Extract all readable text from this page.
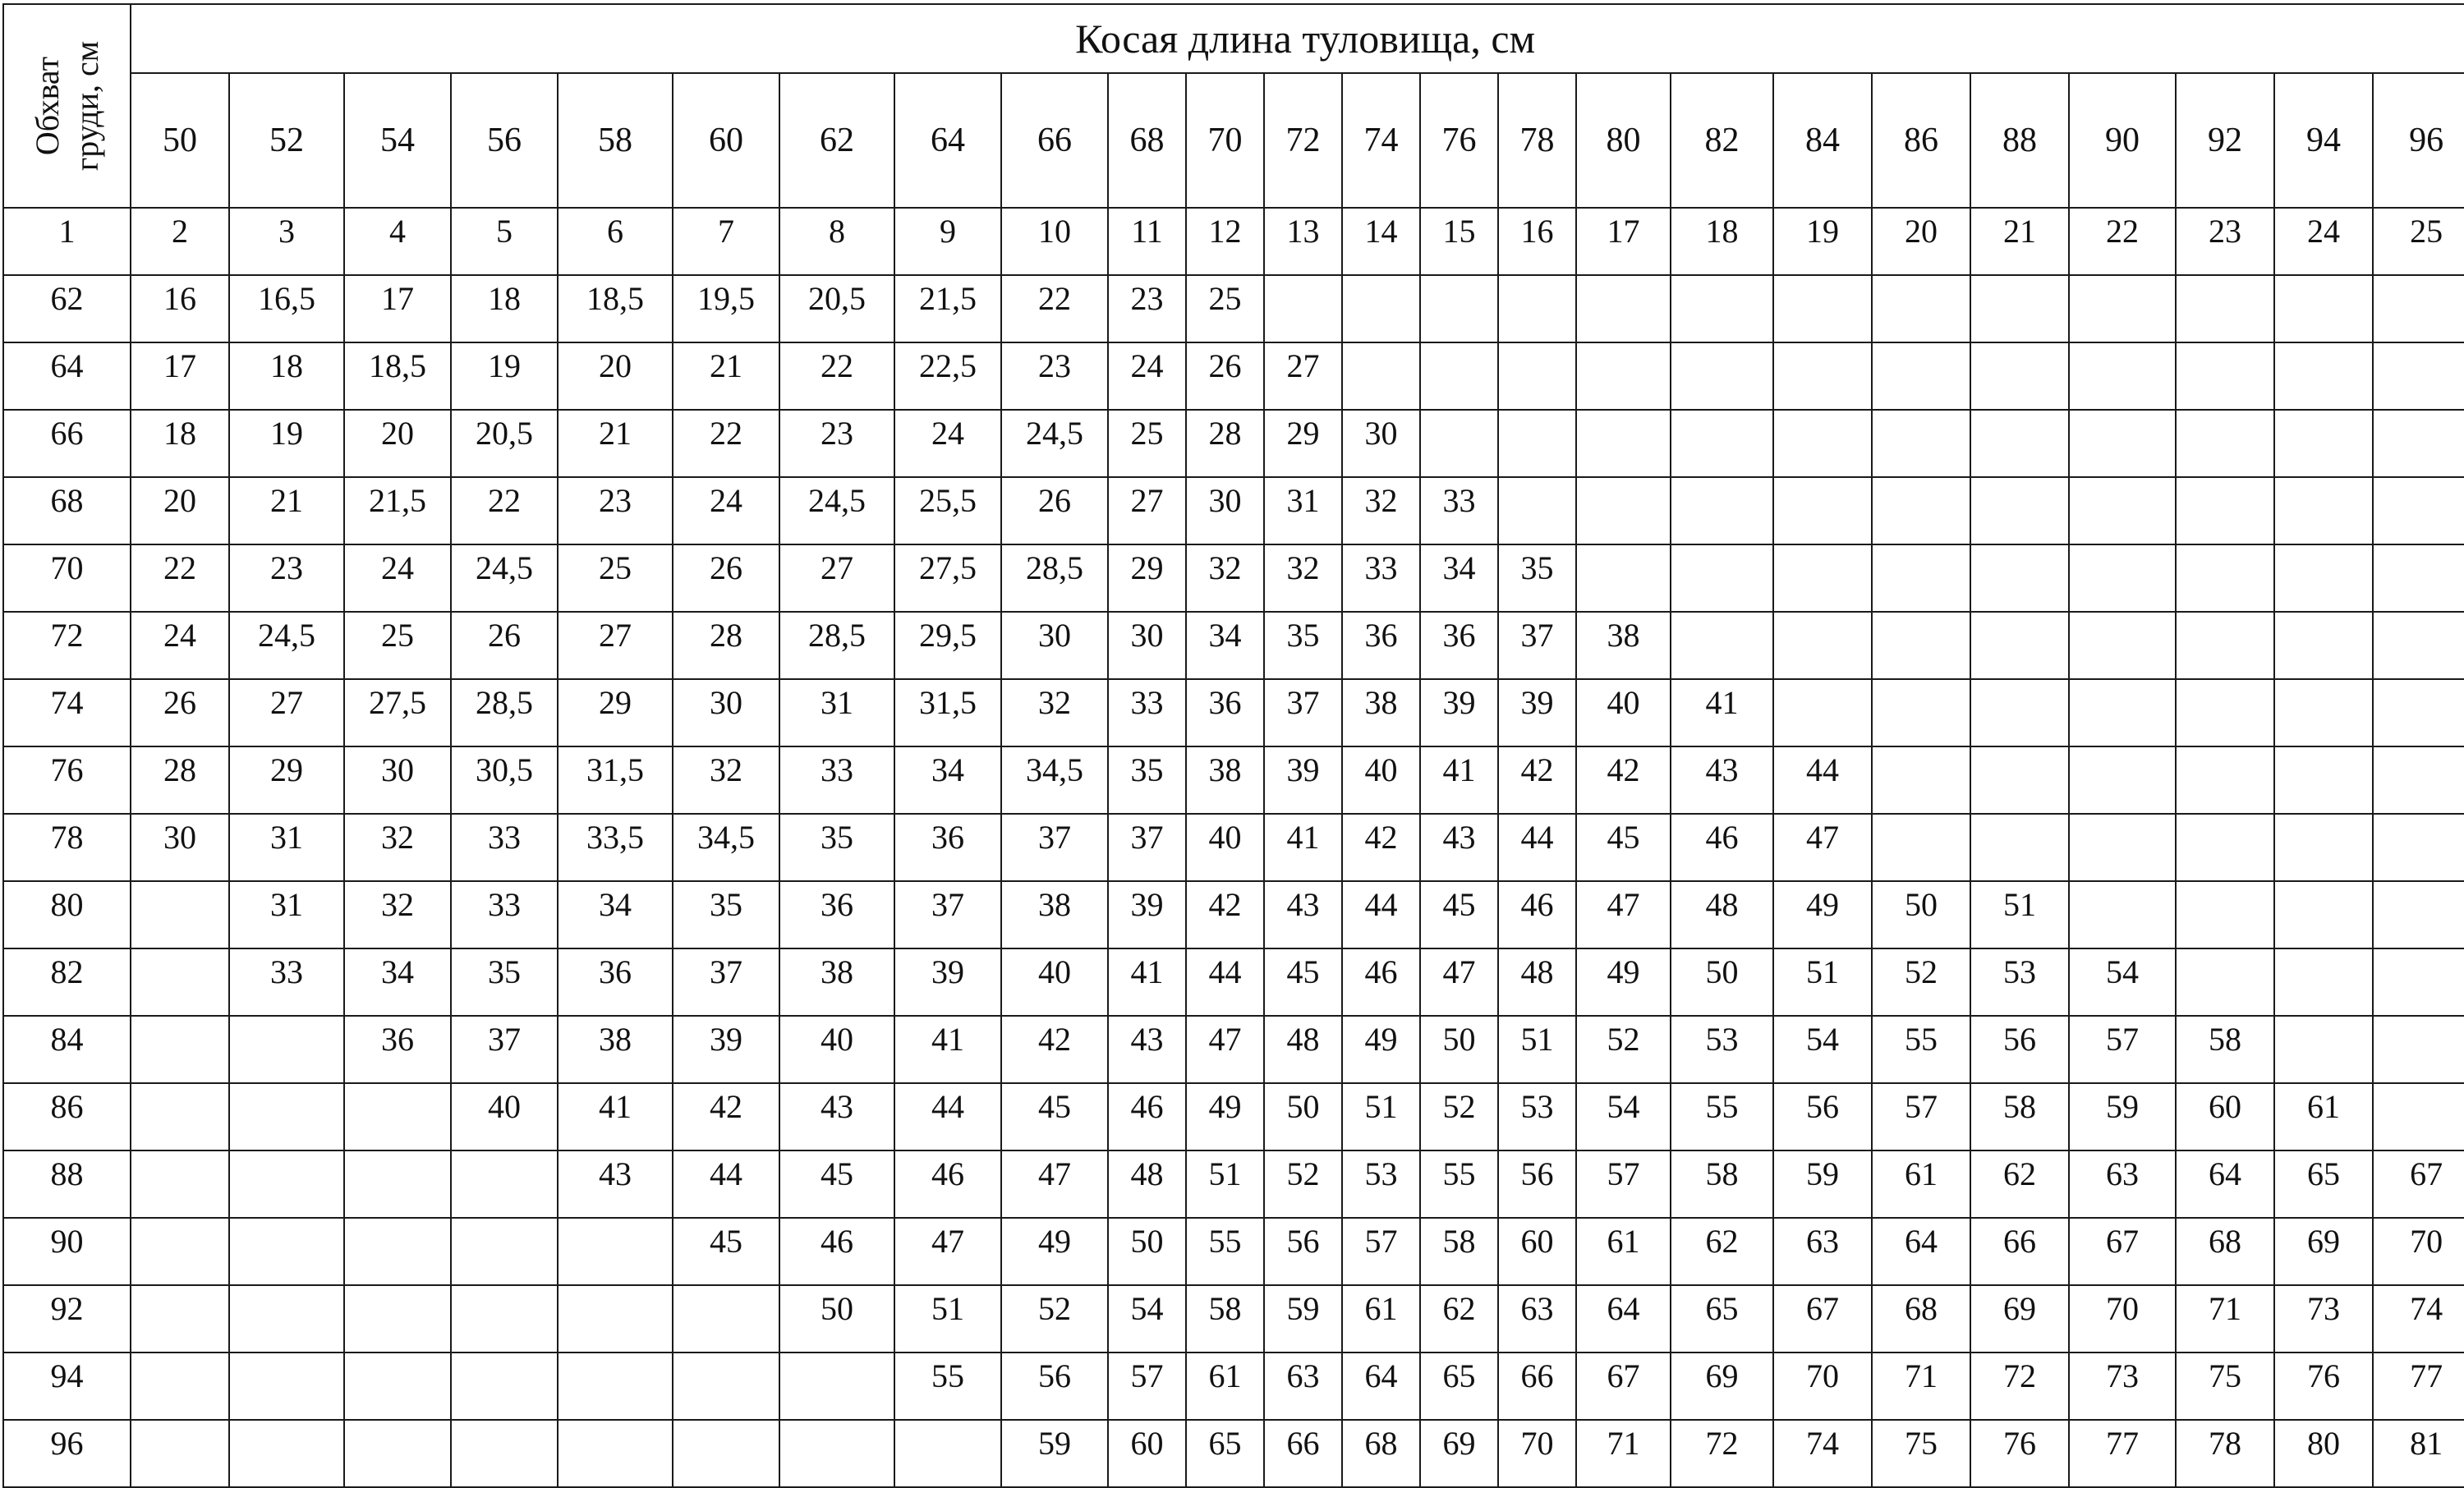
Обхват
груди, см	Косая длина туловища, см																							
	50	52	54	56	58	60	62	64	66	68	70	72	74	76	78	80	82	84	86	88	90	92	94	96
1	2	3	4	5	6	7	8	9	10	11	12	13	14	15	16	17	18	19	20	21	22	23	24	25
62	16	16,5	17	18	18,5	19,5	20,5	21,5	22	23	25													
64	17	18	18,5	19	20	21	22	22,5	23	24	26	27												
66	18	19	20	20,5	21	22	23	24	24,5	25	28	29	30											
68	20	21	21,5	22	23	24	24,5	25,5	26	27	30	31	32	33										
70	22	23	24	24,5	25	26	27	27,5	28,5	29	32	32	33	34	35									
72	24	24,5	25	26	27	28	28,5	29,5	30	30	34	35	36	36	37	38								
74	26	27	27,5	28,5	29	30	31	31,5	32	33	36	37	38	39	39	40	41							
76	28	29	30	30,5	31,5	32	33	34	34,5	35	38	39	40	41	42	42	43	44						
78	30	31	32	33	33,5	34,5	35	36	37	37	40	41	42	43	44	45	46	47						
80		31	32	33	34	35	36	37	38	39	42	43	44	45	46	47	48	49	50	51				
82		33	34	35	36	37	38	39	40	41	44	45	46	47	48	49	50	51	52	53	54			
84			36	37	38	39	40	41	42	43	47	48	49	50	51	52	53	54	55	56	57	58		
86				40	41	42	43	44	45	46	49	50	51	52	53	54	55	56	57	58	59	60	61	
88					43	44	45	46	47	48	51	52	53	55	56	57	58	59	61	62	63	64	65	67
90						45	46	47	49	50	55	56	57	58	60	61	62	63	64	66	67	68	69	70
92							50	51	52	54	58	59	61	62	63	64	65	67	68	69	70	71	73	74
94								55	56	57	61	63	64	65	66	67	69	70	71	72	73	75	76	77
96									59	60	65	66	68	69	70	71	72	74	75	76	77	78	80	81
